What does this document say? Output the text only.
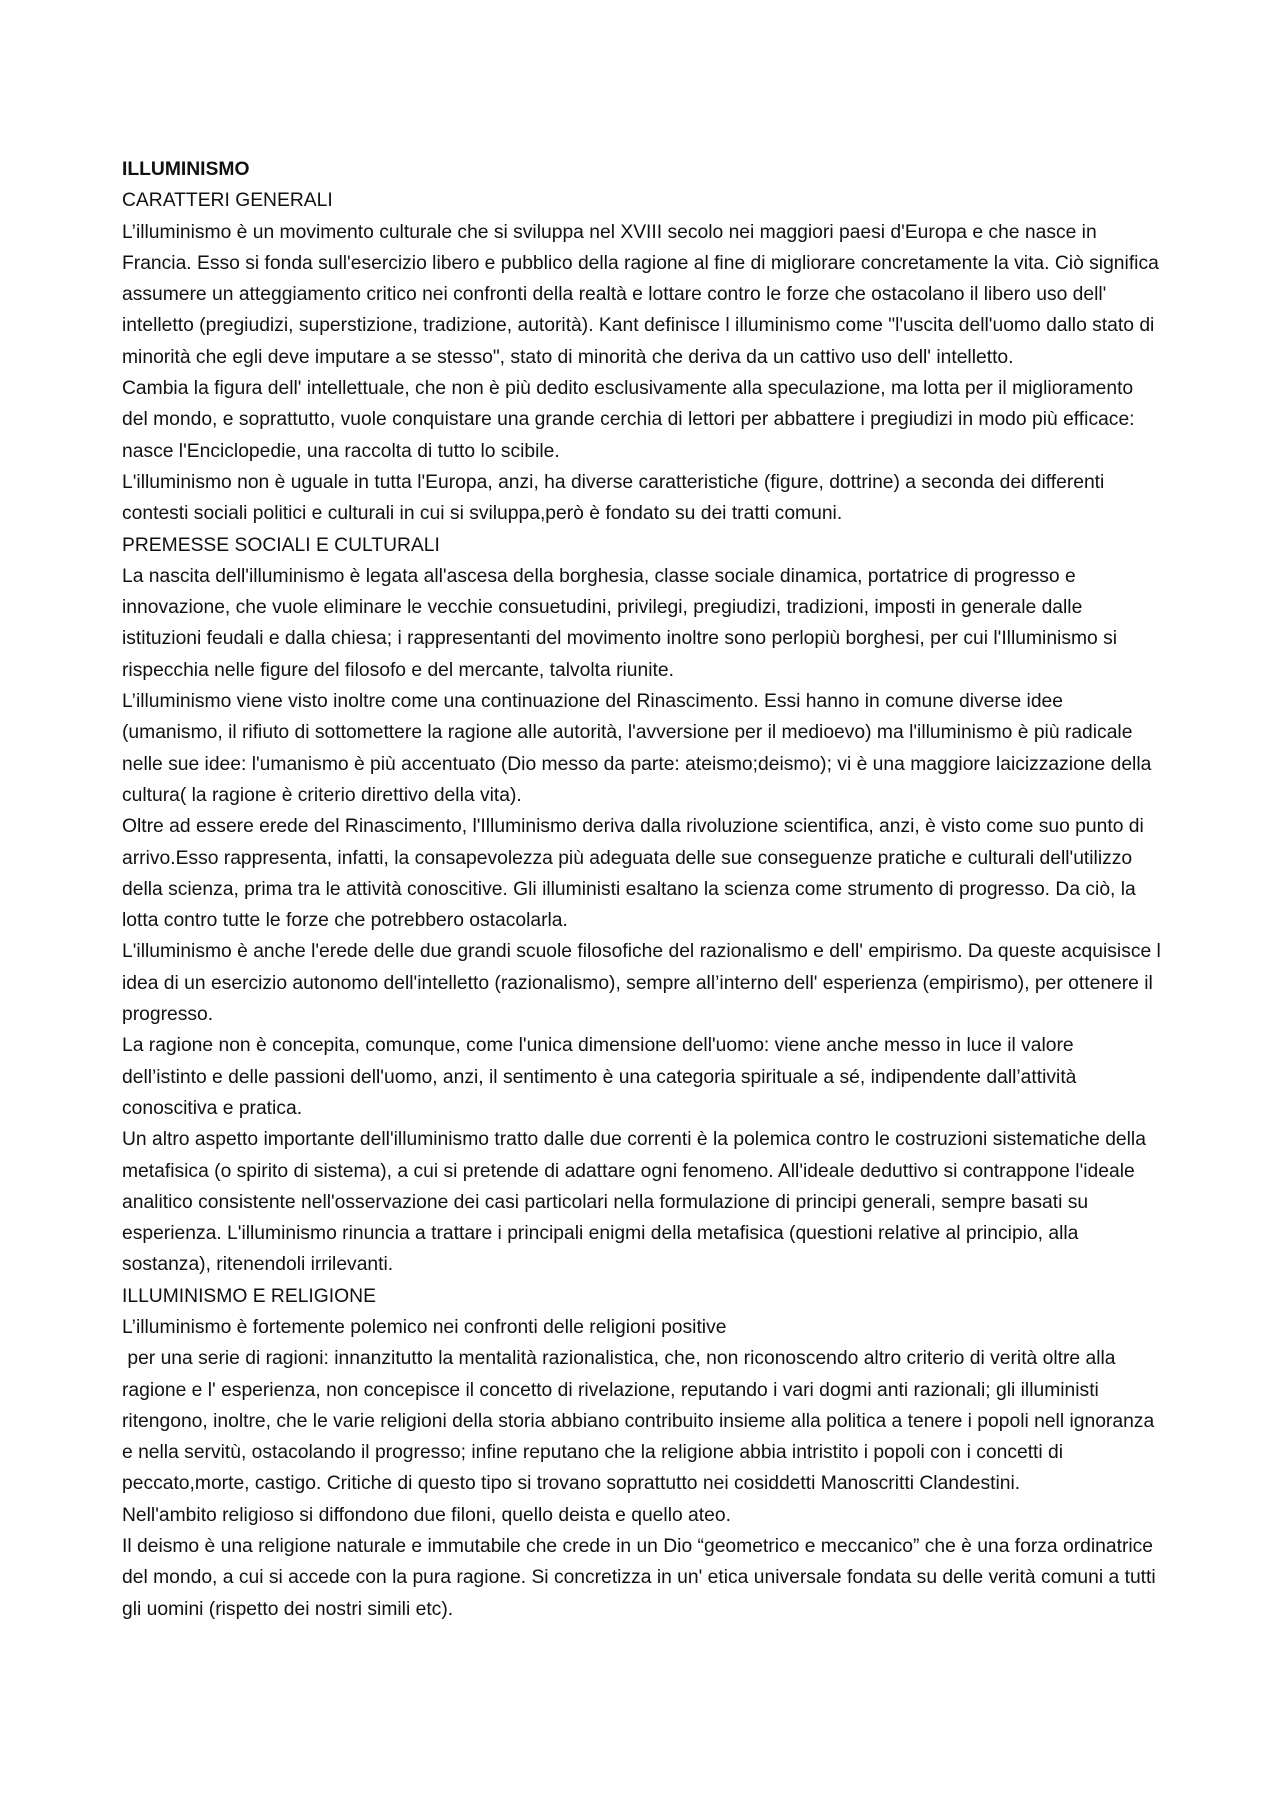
ILLUMINISMO

CARATTERI GENERALI

L’illuminismo è un movimento culturale che si sviluppa nel XVIII secolo nei maggiori paesi d'Europa e che nasce in Francia. Esso si fonda sull'esercizio libero e pubblico della ragione al fine di migliorare concretamente la vita. Ciò significa assumere un atteggiamento critico nei confronti della realtà e lottare contro le forze che ostacolano il libero uso dell' intelletto (pregiudizi, superstizione, tradizione, autorità). Kant definisce l illuminismo come "l'uscita dell'uomo dallo stato di minorità che egli deve imputare a se stesso", stato di minorità che deriva da un cattivo uso dell' intelletto.

Cambia la figura dell' intellettuale, che non è più dedito esclusivamente alla speculazione, ma lotta per il miglioramento del mondo, e soprattutto, vuole conquistare una grande cerchia di lettori per abbattere i pregiudizi in modo più efficace: nasce l'Enciclopedie, una raccolta di tutto lo scibile.

L'illuminismo non è uguale in tutta l'Europa, anzi, ha diverse caratteristiche (figure, dottrine) a seconda dei differenti contesti sociali politici e culturali in cui si sviluppa,però è fondato su dei tratti comuni.

PREMESSE SOCIALI E CULTURALI

La nascita dell'illuminismo è legata all'ascesa della borghesia, classe sociale dinamica, portatrice di progresso e innovazione, che vuole eliminare le vecchie consuetudini, privilegi, pregiudizi, tradizioni, imposti in generale dalle istituzioni feudali e dalla chiesa; i rappresentanti del movimento inoltre sono perlopiù borghesi, per cui l'Illuminismo si rispecchia nelle figure del filosofo e del mercante, talvolta riunite.

L’illuminismo viene visto inoltre come una continuazione del Rinascimento. Essi hanno in comune diverse idee (umanismo, il rifiuto di sottomettere la ragione alle autorità, l'avversione per il medioevo) ma l'illuminismo è più radicale nelle sue idee: l'umanismo è più accentuato (Dio messo da parte: ateismo;deismo); vi è una maggiore laicizzazione della cultura( la ragione è criterio direttivo della vita).

Oltre ad essere erede del Rinascimento, l'Illuminismo deriva dalla rivoluzione scientifica, anzi, è visto come suo punto di arrivo.Esso rappresenta, infatti, la consapevolezza più adeguata delle sue conseguenze pratiche e culturali dell'utilizzo della scienza, prima tra le attività conoscitive. Gli illuministi esaltano la scienza come strumento di progresso. Da ciò, la lotta contro tutte le forze che potrebbero ostacolarla.

L'illuminismo è anche l'erede delle due grandi scuole filosofiche del razionalismo e dell' empirismo. Da queste acquisisce l idea di un esercizio autonomo dell'intelletto (razionalismo), sempre all’interno dell' esperienza (empirismo), per ottenere il progresso.

La ragione non è concepita, comunque, come l'unica dimensione dell'uomo: viene anche messo in luce il valore dell’istinto e delle passioni dell'uomo, anzi, il sentimento è una categoria spirituale a sé, indipendente dall’attività conoscitiva e pratica.

Un altro aspetto importante dell'illuminismo tratto dalle due correnti è la polemica contro le costruzioni sistematiche della metafisica (o spirito di sistema), a cui si pretende di adattare ogni fenomeno. All'ideale deduttivo si contrappone l'ideale analitico consistente nell'osservazione dei casi particolari nella formulazione di principi generali, sempre basati su esperienza. L'illuminismo rinuncia a trattare i principali enigmi della metafisica (questioni relative al principio, alla sostanza), ritenendoli irrilevanti.

ILLUMINISMO E RELIGIONE

L’illuminismo è fortemente polemico nei confronti delle religioni positive

per una serie di ragioni: innanzitutto la mentalità razionalistica, che, non riconoscendo altro criterio di verità oltre alla ragione e l' esperienza, non concepisce il concetto di rivelazione, reputando i vari dogmi anti razionali; gli illuministi ritengono, inoltre, che le varie religioni della storia abbiano contribuito insieme alla politica a tenere i popoli nell ignoranza e nella servitù, ostacolando il progresso; infine reputano che la religione abbia intristito i popoli con i concetti di peccato,morte, castigo. Critiche di questo tipo si trovano soprattutto nei cosiddetti Manoscritti Clandestini.

Nell'ambito religioso si diffondono due filoni, quello deista e quello ateo.

Il deismo è una religione naturale e immutabile che crede in un Dio “geometrico e meccanico” che è una forza ordinatrice del mondo, a cui si accede con la pura ragione. Si concretizza in un' etica universale fondata su delle verità comuni a tutti gli uomini (rispetto dei nostri simili etc).
